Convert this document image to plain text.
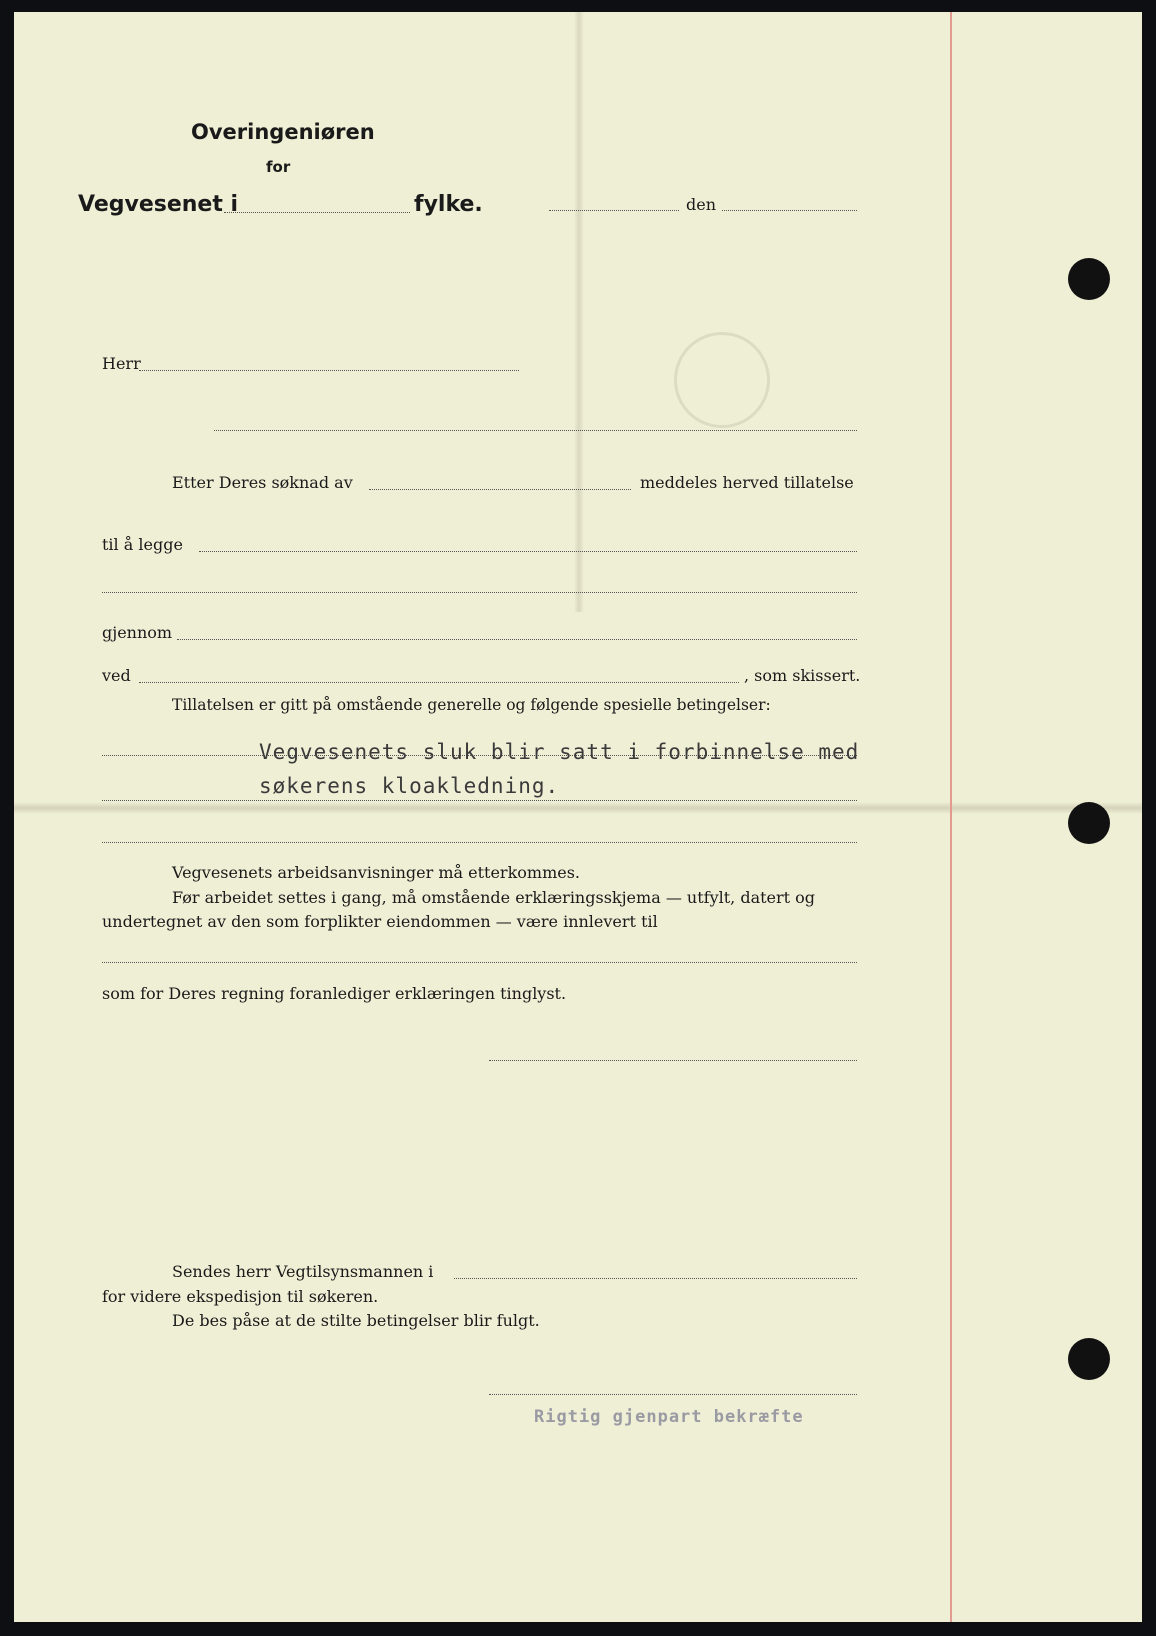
Overingeniøren
for
Vegvesenet i	fylke.	den
Herr
Etter Deres søknad av	meddeles herved tillatelse
til å legge
gjennom
ved	, som skissert.
Tillatelsen er gitt på omstående generelle og følgende spesielle betingelser:
Vegvesenets sluk blir satt i forbinnelse med
søkerens kloakledning.
Vegvesenets arbeidsanvisninger må etterkommes.
Før arbeidet settes i gang, må omstående erklæringsskjema — utfylt, datert og
undertegnet av den som forplikter eiendommen — være innlevert til
som for Deres regning foranlediger erklæringen tinglyst.
Sendes herr Vegtilsynsmannen i
for videre ekspedisjon til søkeren.
De bes påse at de stilte betingelser blir fulgt.
Rigtig gjenpart bekræfte
